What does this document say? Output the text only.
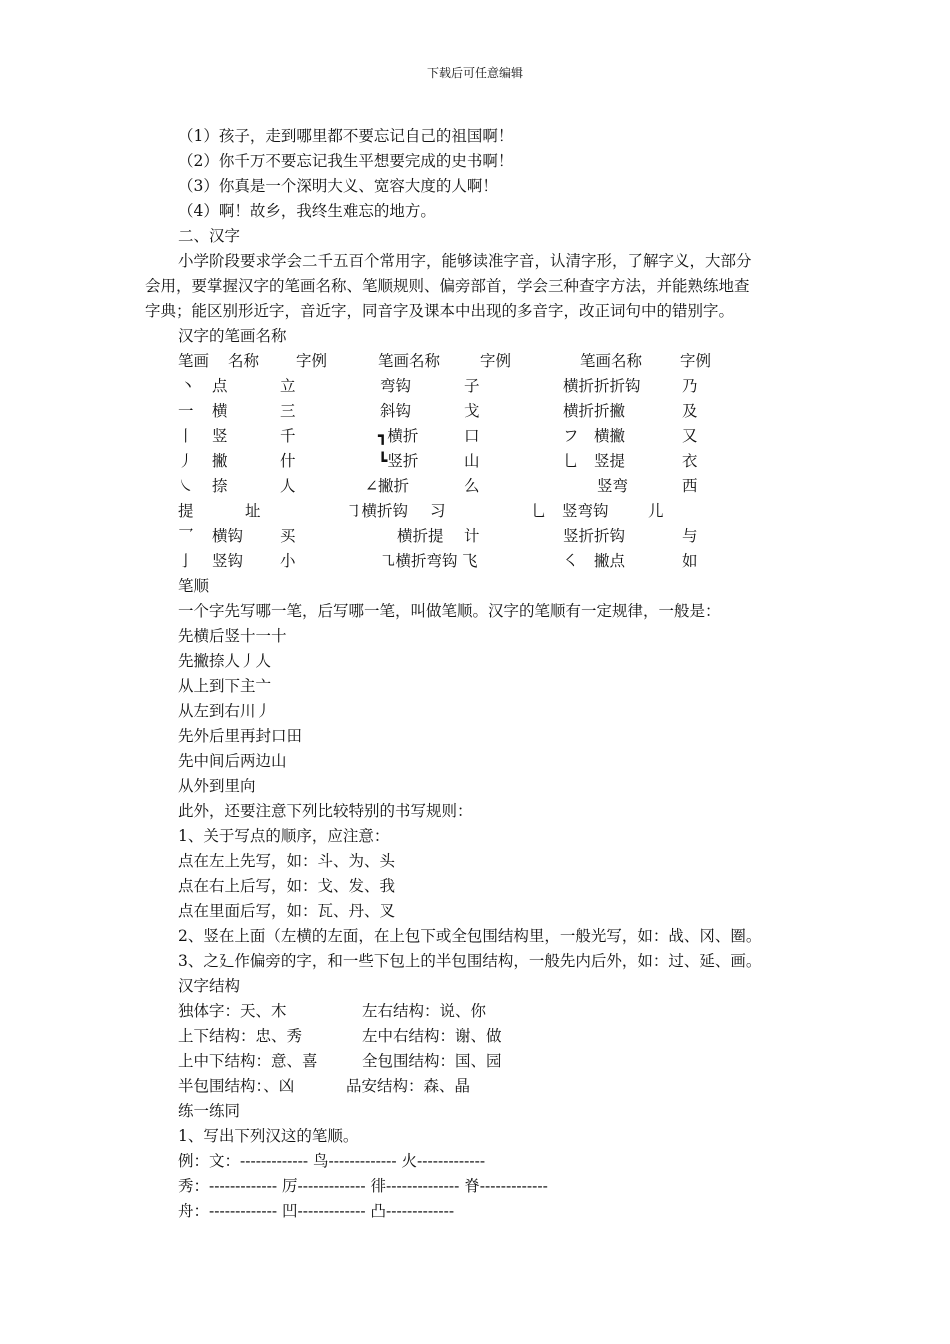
下载后可任意编辑
（1）孩子，走到哪里都不要忘记自己的祖国啊！
（2）你千万不要忘记我生平想要完成的史书啊！
（3）你真是一个深明大义、宽容大度的人啊！
（4）啊！故乡，我终生难忘的地方。
二、汉字
小学阶段要求学会二千五百个常用字，能够读准字音，认清字形，了解字义，大部分
会用，要掌握汉字的笔画名称、笔顺规则、偏旁部首，学会三种查字方法，并能熟练地查
字典；能区别形近字，音近字，同音字及课本中出现的多音字，改正词句中的错别字。
汉字的笔画名称
笔画 名称 字例	笔画名称	字例	笔画名称 字例
丶 点	立	弯钩	子	横折折折钩	乃
一 横	三	斜钩	戈	横折折撇	及
丨 竖	千	┓横折	口	フ　横撇	又
丿 撇	什	┗竖折	山	乚　竖提	衣
㇏ 捺	人	∠撇折	么	竖弯	西
提	址	㇆横折钩 习	乚　竖弯钩	儿
乛 横钩 买	横折提 计	竖折折钩	与
亅 竖钩 小	㇈横折弯钩 飞	㇛　撇点	如
笔顺
一个字先写哪一笔，后写哪一笔，叫做笔顺。汉字的笔顺有一定规律，一般是：
先横后竖十一十
先撇捺人丿人
从上到下主亠
从左到右川丿
先外后里再封口田
先中间后两边山
从外到里向
此外，还要注意下列比较特别的书写规则：
1、关于写点的顺序，应注意：
点在左上先写，如：斗、为、头
点在右上后写，如：戈、发、我
点在里面后写，如：瓦、丹、叉
2、竖在上面（左横的左面，在上包下或全包围结构里，一般光写，如：战、冈、圈。
3、之廴作偏旁的字，和一些下包上的半包围结构，一般先内后外，如：过、延、画。
汉字结构
独体字：天、木	左右结构：说、你
上下结构：忠、秀	左中右结构：谢、做
上中下结构：意、喜	全包围结构：国、园
半包围结构：、凶	品安结构：森、晶
练一练同
1、写出下列汉这的笔顺。
例：文：------------- 鸟------------- 火-------------
秀：------------- 厉------------- 徘-------------- 脊-------------
舟：------------- 凹------------- 凸-------------
